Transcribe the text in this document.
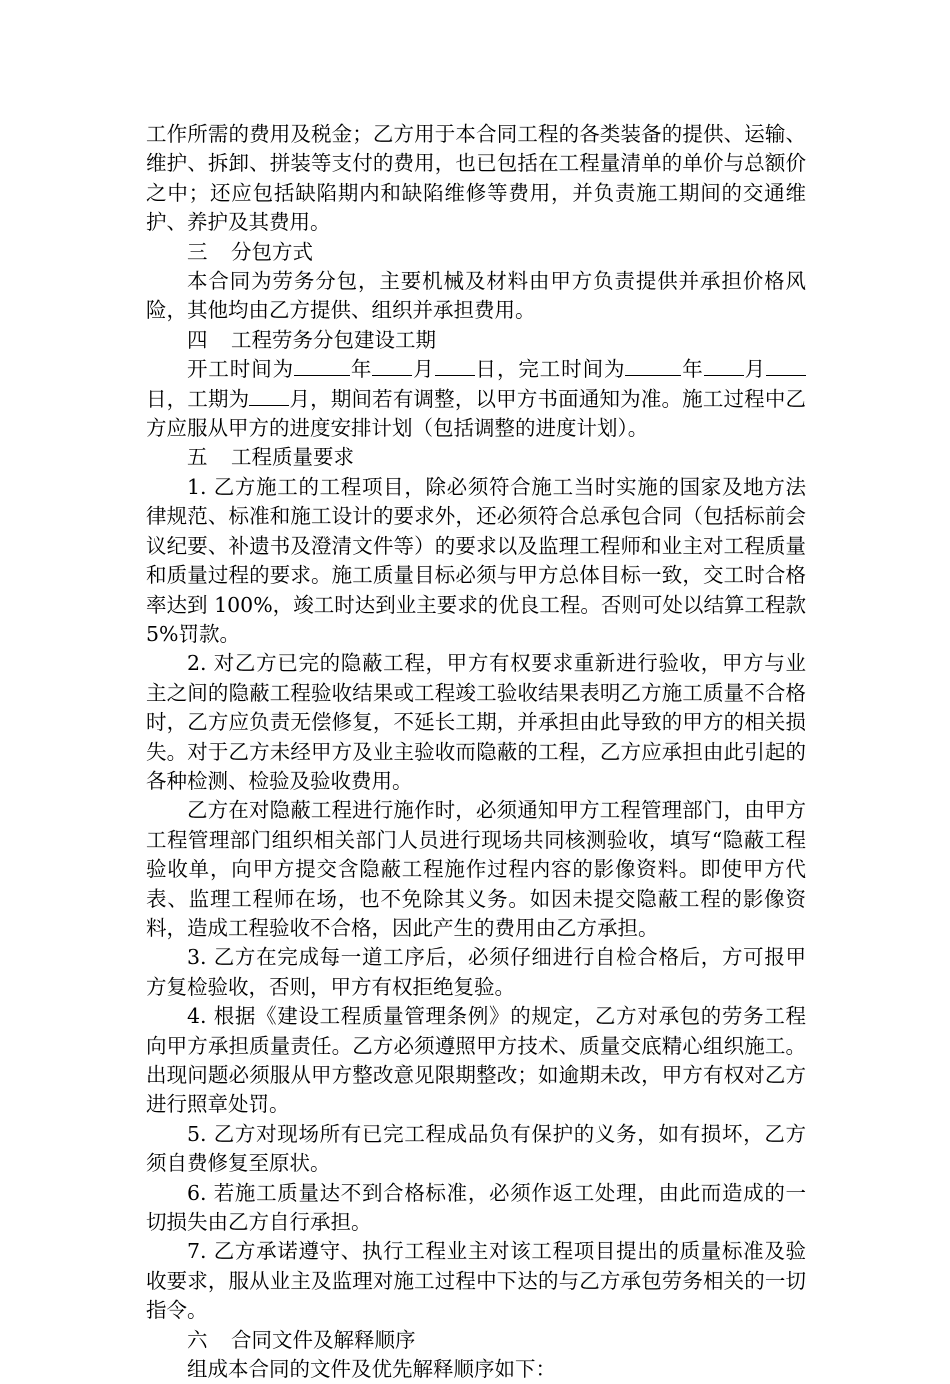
工作所需的费用及税金；乙方用于本合同工程的各类装备的提供、运输、维护、拆卸、拼装等支付的费用，也已包括在工程量清单的单价与总额价之中；还应包括缺陷期内和缺陷维修等费用，并负责施工期间的交通维护、养护及其费用。

三 分包方式

本合同为劳务分包，主要机械及材料由甲方负责提供并承担价格风险，其他均由乙方提供、组织并承担费用。

四 工程劳务分包建设工期

开工时间为	年 月 日，完工时间为	年 月日，工期为 月，期间若有调整，以甲方书面通知为准。施工过程中乙方应服从甲方的进度安排计划（包括调整的进度计划）。

五 工程质量要求

1. 乙方施工的工程项目，除必须符合施工当时实施的国家及地方法律规范、标准和施工设计的要求外，还必须符合总承包合同（包括标前会议纪要、补遗书及澄清文件等）的要求以及监理工程师和业主对工程质量和质量过程的要求。施工质量目标必须与甲方总体目标一致，交工时合格率达到 100%，竣工时达到业主要求的优良工程。否则可处以结算工程款 5%罚款。

2. 对乙方已完的隐蔽工程，甲方有权要求重新进行验收，甲方与业主之间的隐蔽工程验收结果或工程竣工验收结果表明乙方施工质量不合格时，乙方应负责无偿修复，不延长工期，并承担由此导致的甲方的相关损失。对于乙方未经甲方及业主验收而隐蔽的工程，乙方应承担由此引起的各种检测、检验及验收费用。

乙方在对隐蔽工程进行施作时，必须通知甲方工程管理部门，由甲方工程管理部门组织相关部门人员进行现场共同核测验收，填写“隐蔽工程验收单，向甲方提交含隐蔽工程施作过程内容的影像资料。即使甲方代表、监理工程师在场，也不免除其义务。如因未提交隐蔽工程的影像资料，造成工程验收不合格，因此产生的费用由乙方承担。

3. 乙方在完成每一道工序后，必须仔细进行自检合格后，方可报甲方复检验收，否则，甲方有权拒绝复验。

4. 根据《建设工程质量管理条例》的规定，乙方对承包的劳务工程向甲方承担质量责任。乙方必须遵照甲方技术、质量交底精心组织施工。出现问题必须服从甲方整改意见限期整改；如逾期未改，甲方有权对乙方进行照章处罚。

5. 乙方对现场所有已完工程成品负有保护的义务，如有损坏，乙方须自费修复至原状。

6. 若施工质量达不到合格标准，必须作返工处理，由此而造成的一切损失由乙方自行承担。

7. 乙方承诺遵守、执行工程业主对该工程项目提出的质量标准及验收要求，服从业主及监理对施工过程中下达的与乙方承包劳务相关的一切指令。

六 合同文件及解释顺序

组成本合同的文件及优先解释顺序如下：
